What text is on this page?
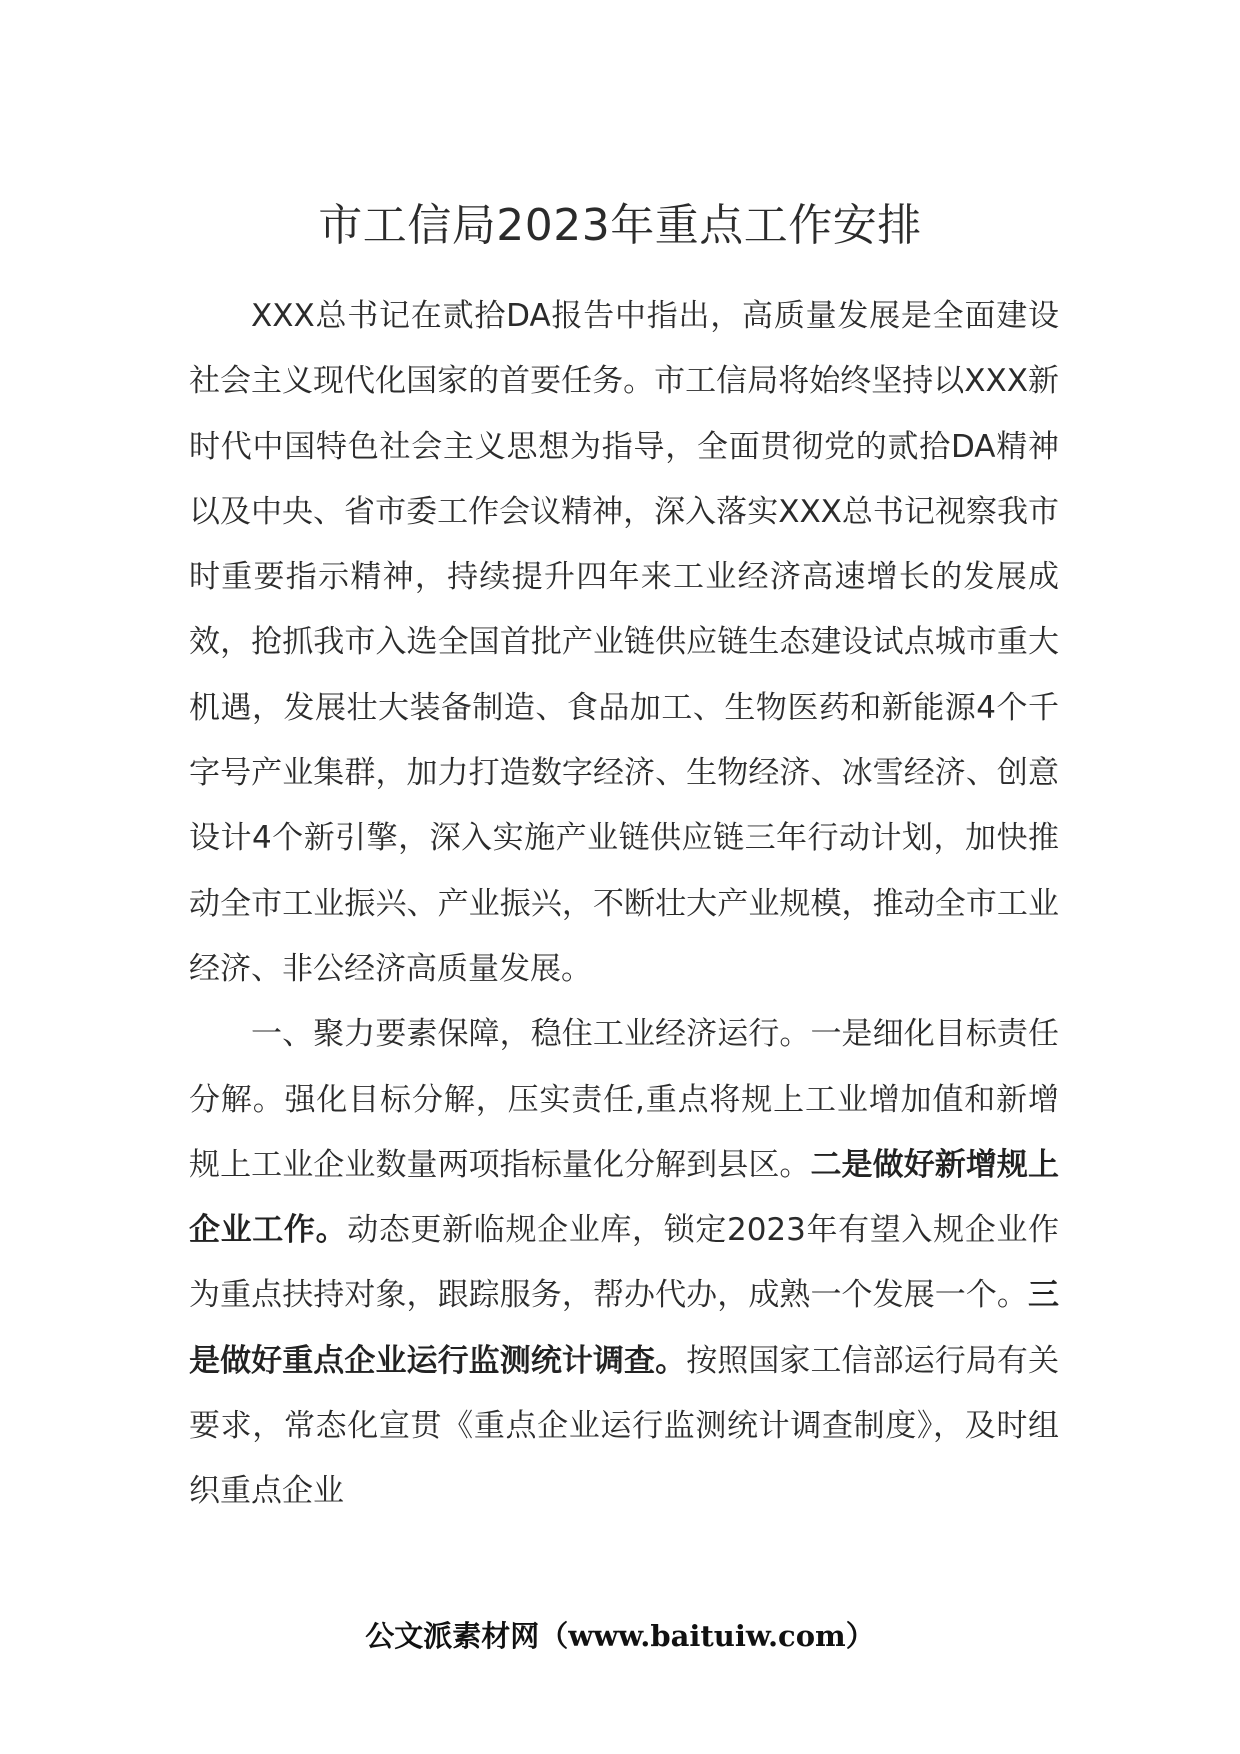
市工信局2023年重点工作安排

XXX总书记在贰拾DA报告中指出，高质量发展是全面建设社会主义现代化国家的首要任务。市工信局将始终坚持以XXX新时代中国特色社会主义思想为指导，全面贯彻党的贰拾DA精神以及中央、省市委工作会议精神，深入落实XXX总书记视察我市时重要指示精神，持续提升四年来工业经济高速增长的发展成效，抢抓我市入选全国首批产业链供应链生态建设试点城市重大机遇，发展壮大装备制造、食品加工、生物医药和新能源4个千字号产业集群，加力打造数字经济、生物经济、冰雪经济、创意设计4个新引擎，深入实施产业链供应链三年行动计划，加快推动全市工业振兴、产业振兴，不断壮大产业规模，推动全市工业经济、非公经济高质量发展。

一、聚力要素保障，稳住工业经济运行。一是细化目标责任分解。强化目标分解，压实责任,重点将规上工业增加值和新增规上工业企业数量两项指标量化分解到县区。二是做好新增规上企业工作。动态更新临规企业库，锁定2023年有望入规企业作为重点扶持对象，跟踪服务，帮办代办，成熟一个发展一个。三是做好重点企业运行监测统计调查。按照国家工信部运行局有关要求，常态化宣贯《重点企业运行监测统计调查制度》，及时组织重点企业

公文派素材网（www.baituiw.com）
